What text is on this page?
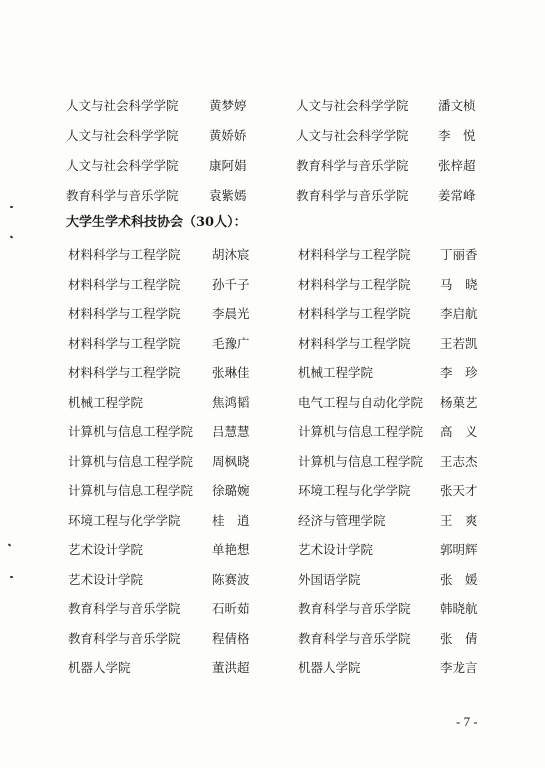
人文与社会科学学院 黄梦婷	人文与社会科学学院 潘文桢
人文与社会科学学院 黄娇娇	人文与社会科学学院 李　悦
人文与社会科学学院 康阿娟	教育科学与音乐学院 张梓超
教育科学与音乐学院 袁紫嫣	教育科学与音乐学院 姜常峰
大学生学术科技协会（30人）：
材料科学与工程学院	胡沐宸	材料科学与工程学院 丁丽香
材料科学与工程学院	孙千子	材料科学与工程学院 马　晓
材料科学与工程学院	李晨光	材料科学与工程学院 李启航
材料科学与工程学院	毛豫广	材料科学与工程学院 王若凯
材料科学与工程学院	张琳佳	机械工程学院	李　珍
机械工程学院	焦鸿韬	电气工程与自动化学院 杨菓艺
计算机与信息工程学院 吕慧慧	计算机与信息工程学院 高　义
计算机与信息工程学院 周枫晓	计算机与信息工程学院 王志杰
计算机与信息工程学院 徐璐婉	环境工程与化学学院 张天才
环境工程与化学学院	桂　逍	经济与管理学院	王　爽
艺术设计学院	单艳想	艺术设计学院	郭明辉
艺术设计学院	陈赛波	外国语学院	张　媛
教育科学与音乐学院	石昕茹	教育科学与音乐学院 韩晓航
教育科学与音乐学院	程倩格	教育科学与音乐学院 张　倩
机器人学院	董洪超	机器人学院	李龙言
- 7 -
